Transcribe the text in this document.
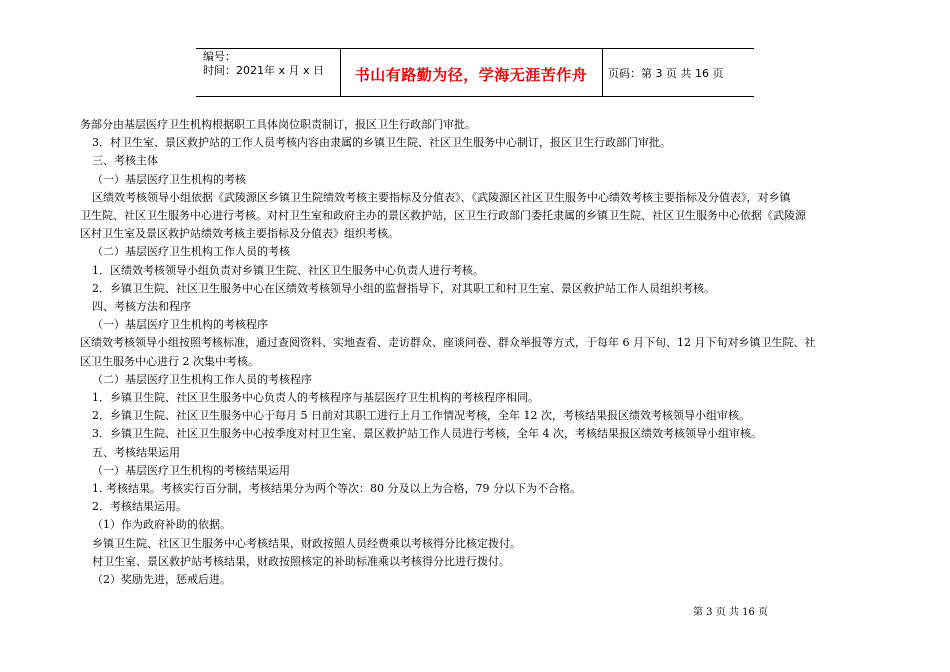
编号：
时间：2021年 x 月 x 日	书山有路勤为径，学海无涯苦作舟	页码：第 3 页 共 16 页

务部分由基层医疗卫生机构根据职工具体岗位职责制订，报区卫生行政部门审批。

3．村卫生室、景区救护站的工作人员考核内容由隶属的乡镇卫生院、社区卫生服务中心制订，报区卫生行政部门审批。

三、考核主体

（一）基层医疗卫生机构的考核

区绩效考核领导小组依据《武陵源区乡镇卫生院绩效考核主要指标及分值表》、《武陵源区社区卫生服务中心绩效考核主要指标及分值表》，对乡镇

卫生院、社区卫生服务中心进行考核。对村卫生室和政府主办的景区救护站，区卫生行政部门委托隶属的乡镇卫生院、社区卫生服务中心依据《武陵源

区村卫生室及景区救护站绩效考核主要指标及分值表》组织考核。

（二）基层医疗卫生机构工作人员的考核

1．区绩效考核领导小组负责对乡镇卫生院、社区卫生服务中心负责人进行考核。

2．乡镇卫生院、社区卫生服务中心在区绩效考核领导小组的监督指导下，对其职工和村卫生室、景区救护站工作人员组织考核。

四、考核方法和程序

（一）基层医疗卫生机构的考核程序

区绩效考核领导小组按照考核标准，通过查阅资料、实地查看、走访群众、座谈问卷、群众举报等方式，于每年 6 月下旬、12 月下旬对乡镇卫生院、社

区卫生服务中心进行 2 次集中考核。

（二）基层医疗卫生机构工作人员的考核程序

1．乡镇卫生院、社区卫生服务中心负责人的考核程序与基层医疗卫生机构的考核程序相同。

2．乡镇卫生院、社区卫生服务中心于每月 5 日前对其职工进行上月工作情况考核，全年 12 次，考核结果报区绩效考核领导小组审核。

3．乡镇卫生院、社区卫生服务中心按季度对村卫生室、景区救护站工作人员进行考核，全年 4 次，考核结果报区绩效考核领导小组审核。

五、考核结果运用

（一）基层医疗卫生机构的考核结果运用

1. 考核结果。考核实行百分制，考核结果分为两个等次：80 分及以上为合格，79 分以下为不合格。

2．考核结果运用。

（1）作为政府补助的依据。

乡镇卫生院、社区卫生服务中心考核结果，财政按照人员经费乘以考核得分比核定拨付。

村卫生室、景区救护站考核结果，财政按照核定的补助标准乘以考核得分比进行拨付。

（2）奖励先进，惩戒后进。

第 3 页 共 16 页
